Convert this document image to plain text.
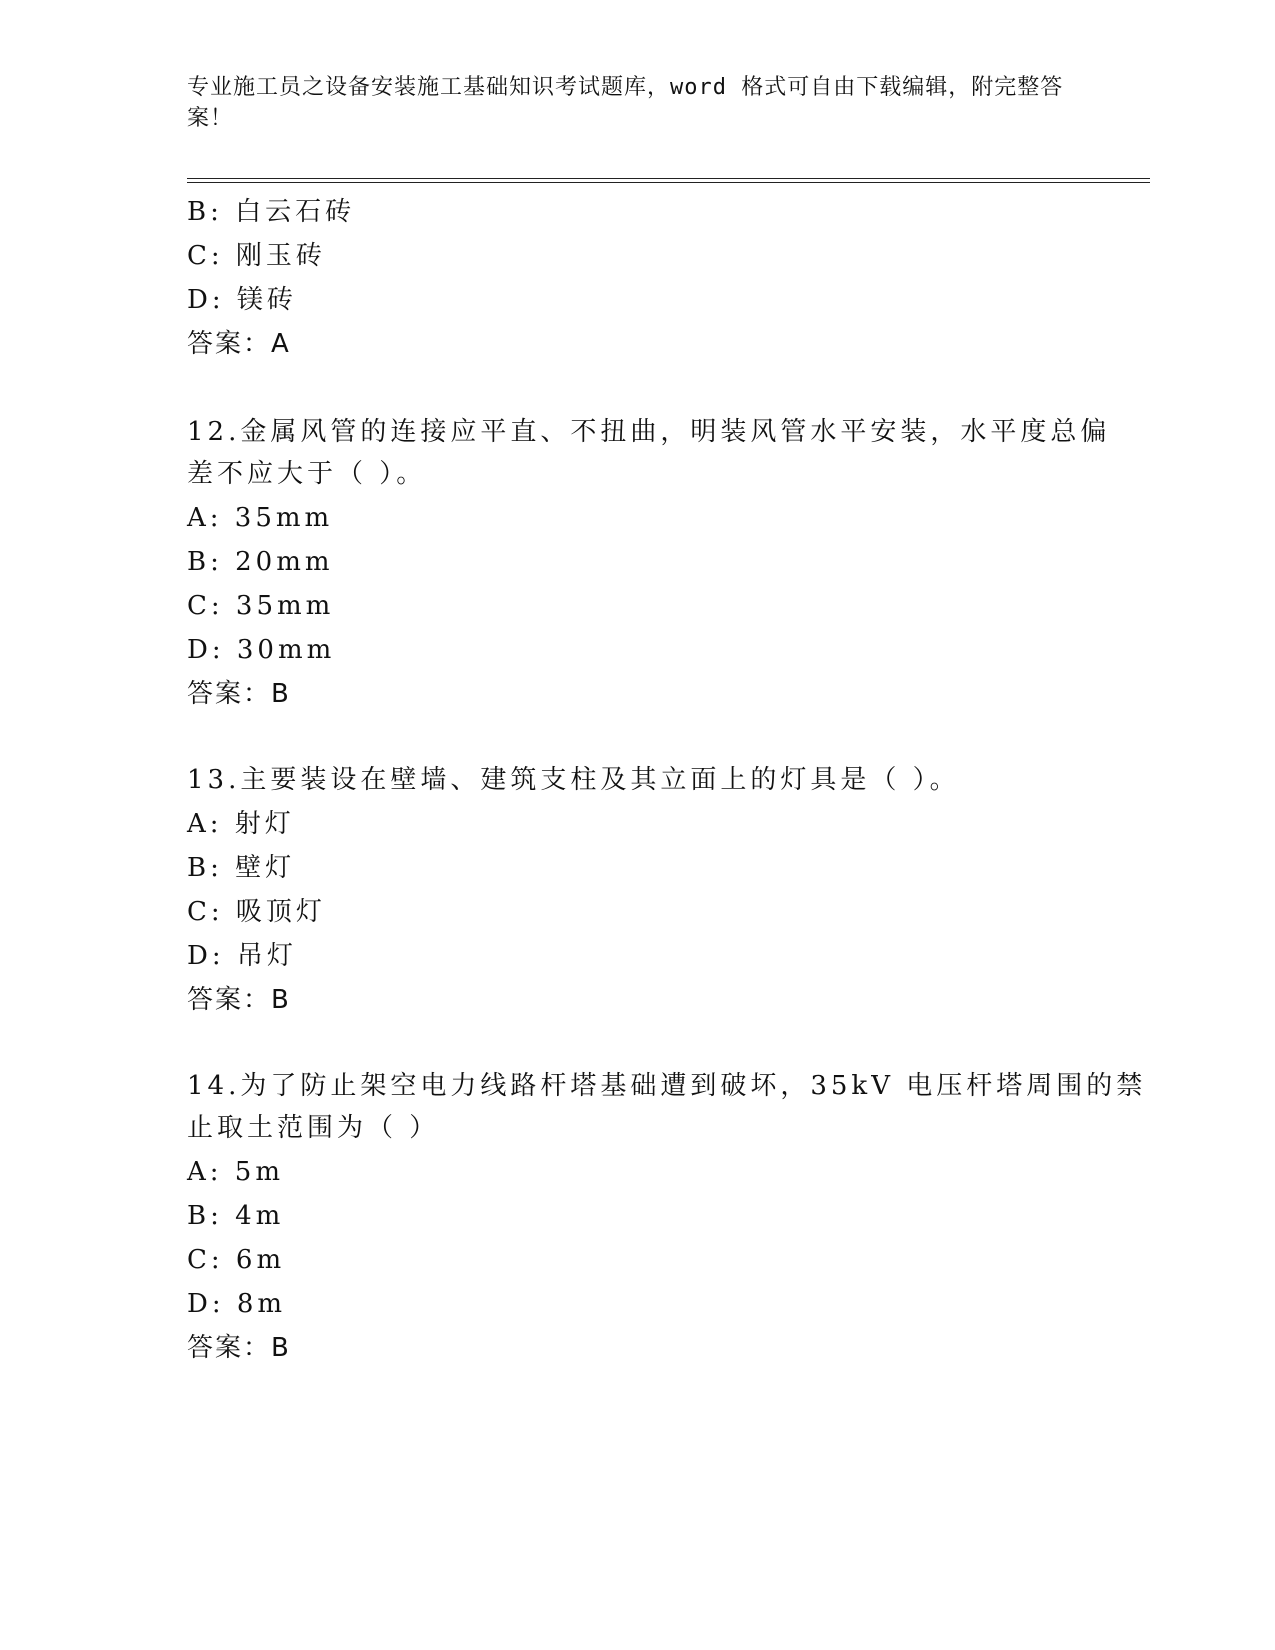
专业施工员之设备安装施工基础知识考试题库，word 格式可自由下载编辑，附完整答案！
B: 白云石砖
C: 刚玉砖
D: 镁砖
答案：A
12.金属风管的连接应平直、不扭曲，明装风管水平安装，水平度总偏
差不应大于（ ）。
A: 35mm
B: 20mm
C: 35mm
D: 30mm
答案：B
13.主要装设在壁墙、建筑支柱及其立面上的灯具是（ ）。
A: 射灯
B: 壁灯
C: 吸顶灯
D: 吊灯
答案：B
14.为了防止架空电力线路杆塔基础遭到破坏，35kV 电压杆塔周围的禁
止取土范围为（ ）
A: 5m
B: 4m
C: 6m
D: 8m
答案：B
